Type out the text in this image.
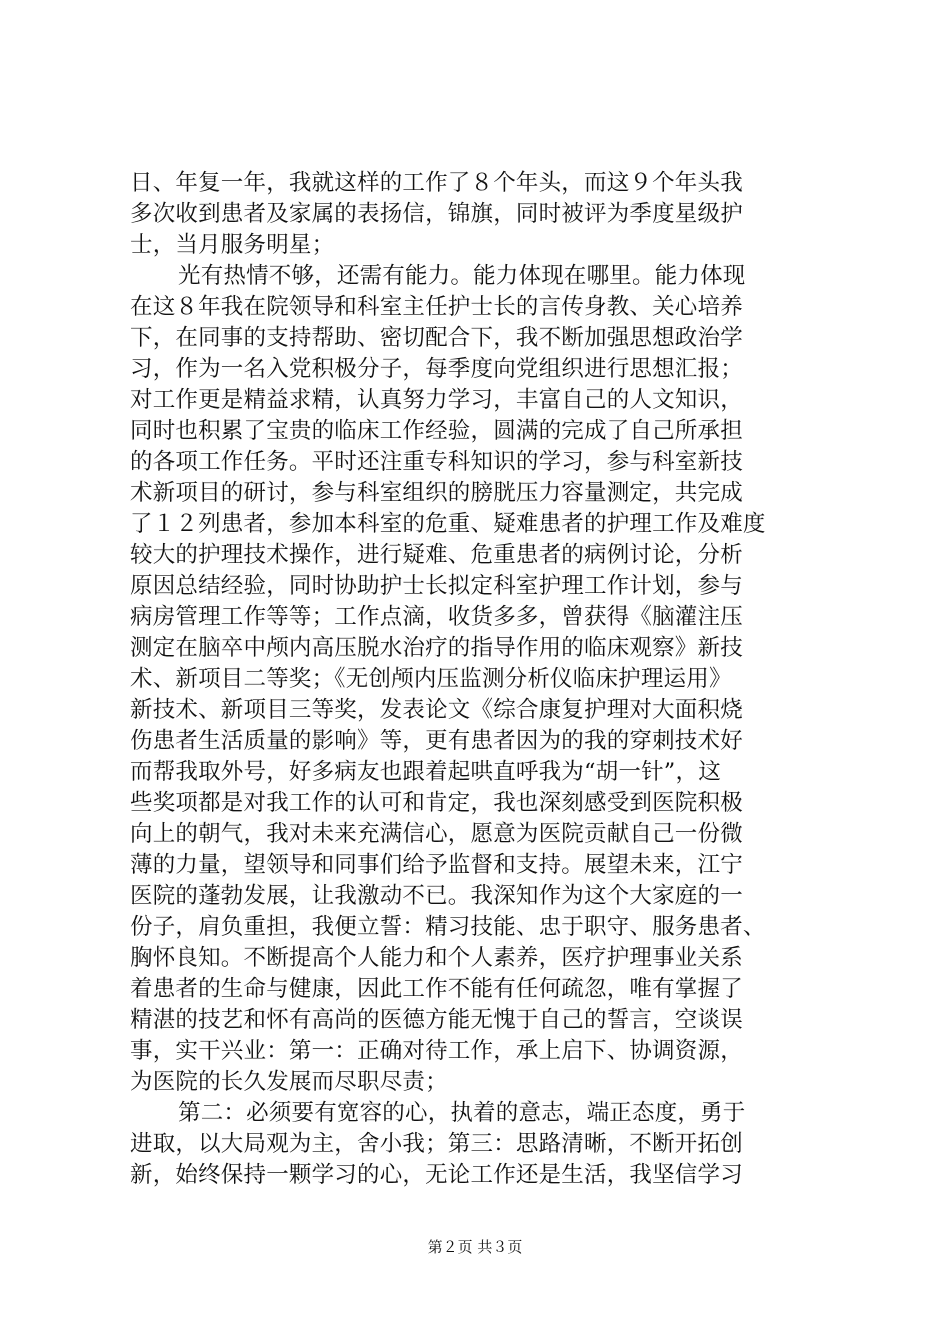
日、年复一年，我就这样的工作了８个年头，而这９个年头我
多次收到患者及家属的表扬信，锦旗，同时被评为季度星级护
士，当月服务明星；
光有热情不够，还需有能力。能力体现在哪里。能力体现
在这８年我在院领导和科室主任护士长的言传身教、关心培养
下，在同事的支持帮助、密切配合下，我不断加强思想政治学
习，作为一名入党积极分子，每季度向党组织进行思想汇报；
对工作更是精益求精，认真努力学习，丰富自己的人文知识，
同时也积累了宝贵的临床工作经验，圆满的完成了自己所承担
的各项工作任务。平时还注重专科知识的学习，参与科室新技
术新项目的研讨，参与科室组织的膀胱压力容量测定，共完成
了１２列患者，参加本科室的危重、疑难患者的护理工作及难度
较大的护理技术操作，进行疑难、危重患者的病例讨论，分析
原因总结经验，同时协助护士长拟定科室护理工作计划，参与
病房管理工作等等；工作点滴，收货多多，曾获得《脑灌注压
测定在脑卒中颅内高压脱水治疗的指导作用的临床观察》新技
术、新项目二等奖；《无创颅内压监测分析仪临床护理运用》
新技术、新项目三等奖，发表论文《综合康复护理对大面积烧
伤患者生活质量的影响》等，更有患者因为的我的穿刺技术好
而帮我取外号，好多病友也跟着起哄直呼我为“胡一针”，这
些奖项都是对我工作的认可和肯定，我也深刻感受到医院积极
向上的朝气，我对未来充满信心，愿意为医院贡献自己一份微
薄的力量，望领导和同事们给予监督和支持。展望未来，江宁
医院的蓬勃发展，让我激动不已。我深知作为这个大家庭的一
份子，肩负重担，我便立誓：精习技能、忠于职守、服务患者、
胸怀良知。不断提高个人能力和个人素养，医疗护理事业关系
着患者的生命与健康，因此工作不能有任何疏忽，唯有掌握了
精湛的技艺和怀有高尚的医德方能无愧于自己的誓言，空谈误
事，实干兴业：第一：正确对待工作，承上启下、协调资源，
为医院的长久发展而尽职尽责；
第二：必须要有宽容的心，执着的意志，端正态度，勇于
进取，以大局观为主，舍小我；第三：思路清晰，不断开拓创
新，始终保持一颗学习的心，无论工作还是生活，我坚信学习
第２页 共３页
